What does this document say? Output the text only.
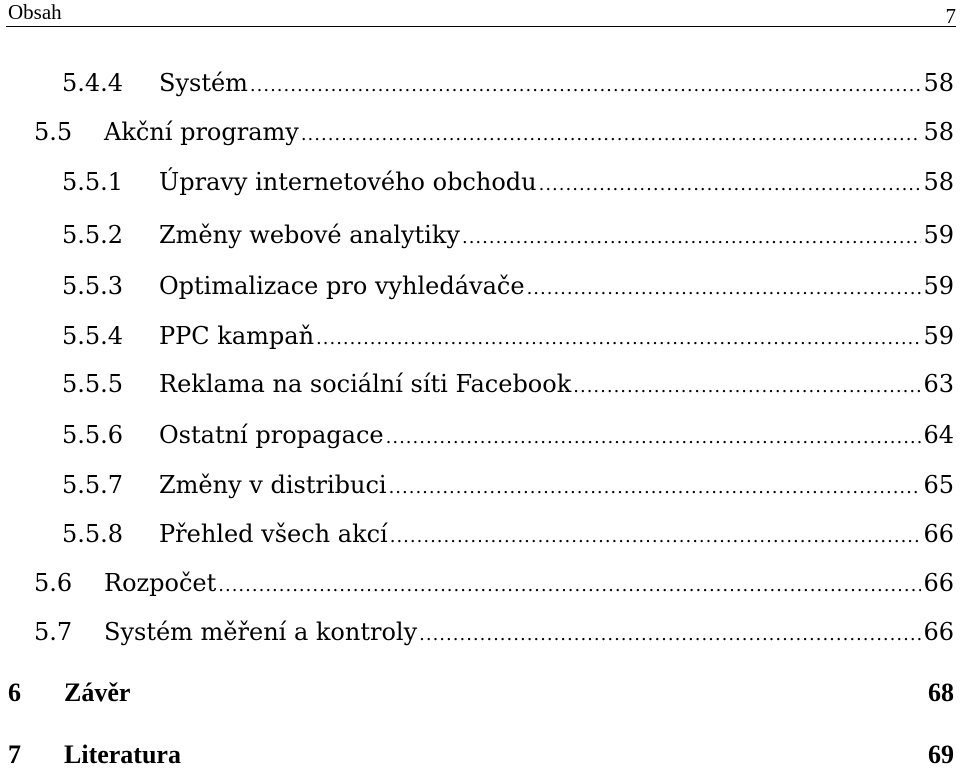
Obsah	7
5.4.4	Systém .....	58
5.5	Akční programy .....	58
5.5.1	Úpravy internetového obchodu .....	58
5.5.2	Změny webové analytiky .....	59
5.5.3	Optimalizace pro vyhledávače .....	59
5.5.4	PPC kampaň .....	59
5.5.5	Reklama na sociální síti Facebook .....	63
5.5.6	Ostatní propagace .....	64
5.5.7	Změny v distribuci .....	65
5.5.8	Přehled všech akcí .....	66
5.6	Rozpočet .....	66
5.7	Systém měření a kontroly .....	66
6	Závěr	68
7	Literatura	69
